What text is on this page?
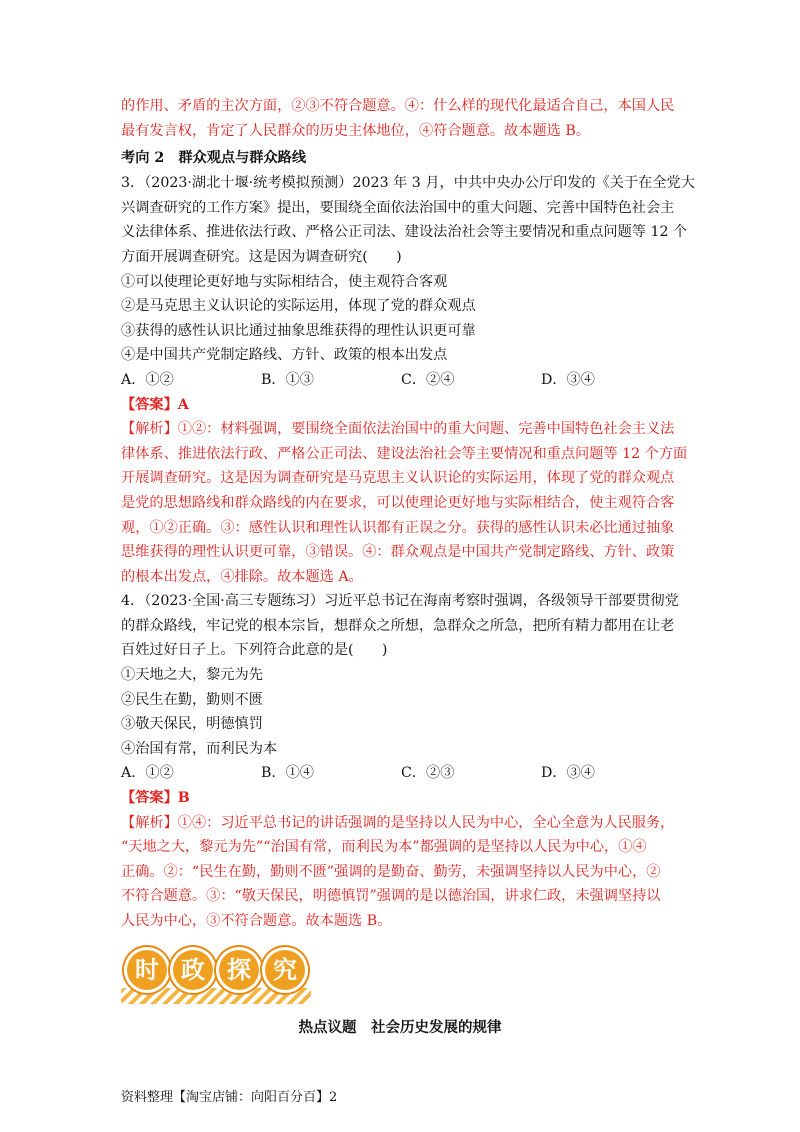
的作用、矛盾的主次方面，②③不符合题意。④：什么样的现代化最适合自己，本国人民
最有发言权，肯定了人民群众的历史主体地位，④符合题意。故本题选 B。
考向 2　群众观点与群众路线
3．（2023·湖北十堰·统考模拟预测）2023 年 3 月，中共中央办公厅印发的《关于在全党大
兴调查研究的工作方案》提出，要围绕全面依法治国中的重大问题、完善中国特色社会主
义法律体系、推进依法行政、严格公正司法、建设法治社会等主要情况和重点问题等 12 个
方面开展调查研究。这是因为调查研究(　　)
①可以使理论更好地与实际相结合，使主观符合客观
②是马克思主义认识论的实际运用，体现了党的群众观点
③获得的感性认识比通过抽象思维获得的理性认识更可靠
④是中国共产党制定路线、方针、政策的根本出发点
A．①②	B．①③	C．②④	D．③④
【答案】A
【解析】①②：材料强调，要围绕全面依法治国中的重大问题、完善中国特色社会主义法
律体系、推进依法行政、严格公正司法、建设法治社会等主要情况和重点问题等 12 个方面
开展调查研究。这是因为调查研究是马克思主义认识论的实际运用，体现了党的群众观点
是党的思想路线和群众路线的内在要求，可以使理论更好地与实际相结合，使主观符合客
观，①②正确。③：感性认识和理性认识都有正误之分。获得的感性认识未必比通过抽象
思维获得的理性认识更可靠，③错误。④：群众观点是中国共产党制定路线、方针、政策
的根本出发点，④排除。故本题选 A。
4．（2023·全国·高三专题练习）习近平总书记在海南考察时强调，各级领导干部要贯彻党
的群众路线，牢记党的根本宗旨，想群众之所想，急群众之所急，把所有精力都用在让老
百姓过好日子上。下列符合此意的是(　　)
①天地之大，黎元为先
②民生在勤，勤则不匮
③敬天保民，明德慎罚
④治国有常，而利民为本
A．①②	B．①④	C．②③	D．③④
【答案】B
【解析】①④：习近平总书记的讲话强调的是坚持以人民为中心，全心全意为人民服务，
“天地之大，黎元为先”“治国有常，而利民为本”都强调的是坚持以人民为中心，①④
正确。②：“民生在勤，勤则不匮”强调的是勤奋、勤劳，未强调坚持以人民为中心，②
不符合题意。③：“敬天保民，明德慎罚”强调的是以德治国，讲求仁政，未强调坚持以
人民为中心，③不符合题意。故本题选 B。
时 政 探 究
热点议题　社会历史发展的规律
资料整理【淘宝店铺：向阳百分百】2
